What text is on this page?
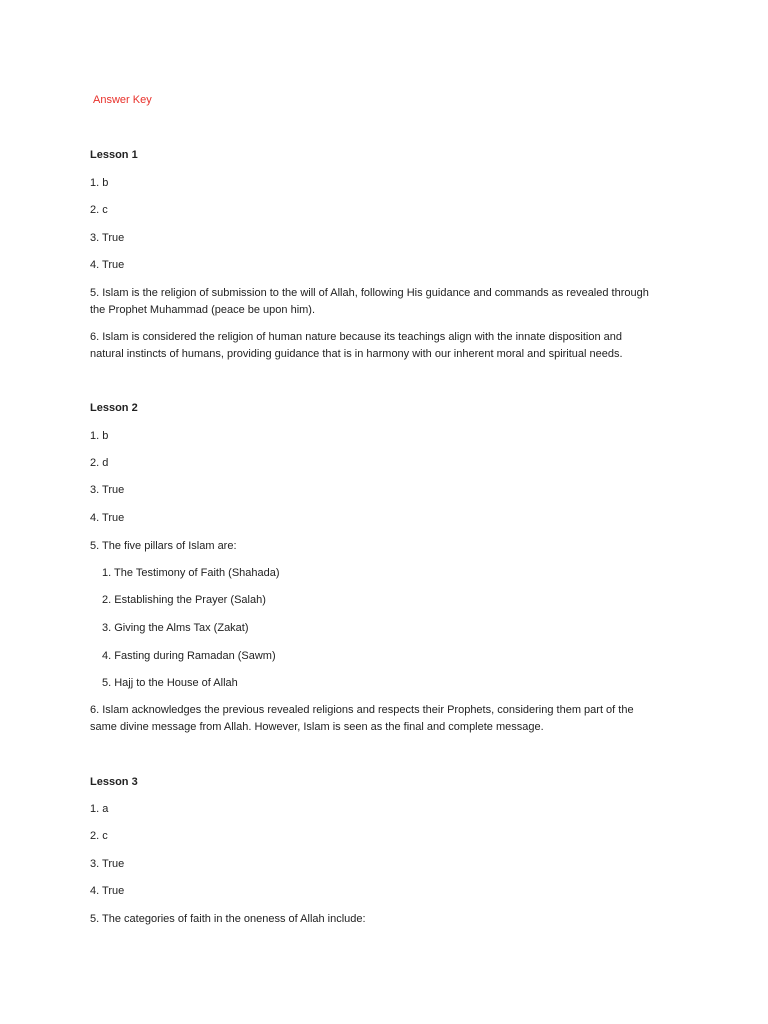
Answer Key
Lesson 1
1. b
2. c
3. True
4. True
5. Islam is the religion of submission to the will of Allah, following His guidance and commands as revealed through
the Prophet Muhammad (peace be upon him).
6. Islam is considered the religion of human nature because its teachings align with the innate disposition and
natural instincts of humans, providing guidance that is in harmony with our inherent moral and spiritual needs.
Lesson 2
1. b
2. d
3. True
4. True
5. The five pillars of Islam are:
1. The Testimony of Faith (Shahada)
2. Establishing the Prayer (Salah)
3. Giving the Alms Tax (Zakat)
4. Fasting during Ramadan (Sawm)
5. Hajj to the House of Allah
6. Islam acknowledges the previous revealed religions and respects their Prophets, considering them part of the
same divine message from Allah. However, Islam is seen as the final and complete message.
Lesson 3
1. a
2. c
3. True
4. True
5. The categories of faith in the oneness of Allah include:
